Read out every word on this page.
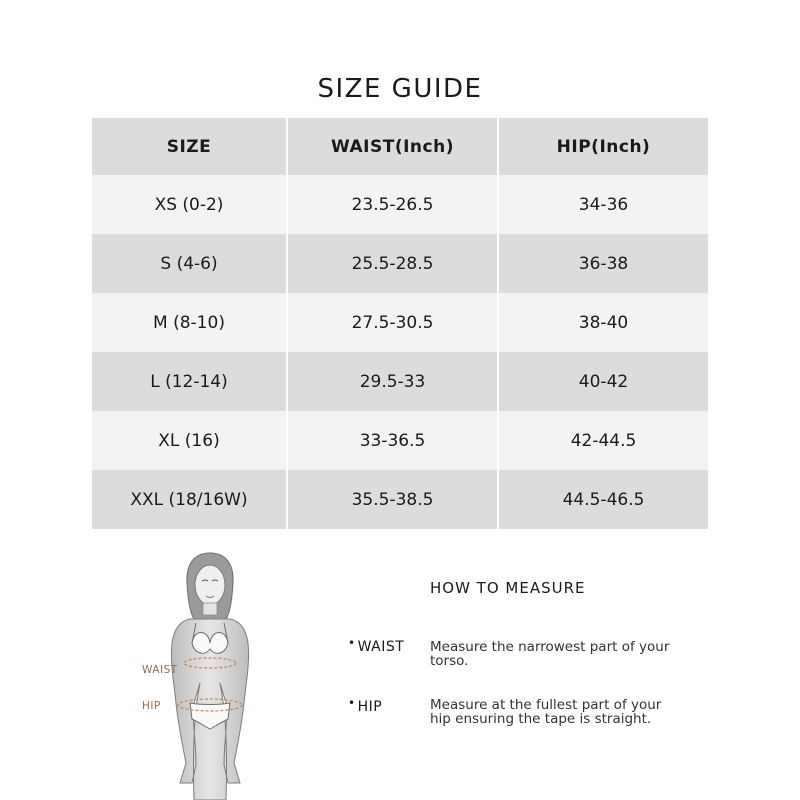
SIZE GUIDE
SIZE	WAIST(Inch)	HIP(Inch)
XS (0-2)	23.5-26.5	34-36
S (4-6)	25.5-28.5	36-38
M (8-10)	27.5-30.5	38-40
L (12-14)	29.5-33	40-42
XL (16)	33-36.5	42-44.5
XXL (18/16W)	35.5-38.5	44.5-46.5
WAIST
HIP
HOW TO MEASURE
• WAIST Measure the narrowest part of your torso.
• HIP	Measure at the fullest part of your hip ensuring the tape is straight.
